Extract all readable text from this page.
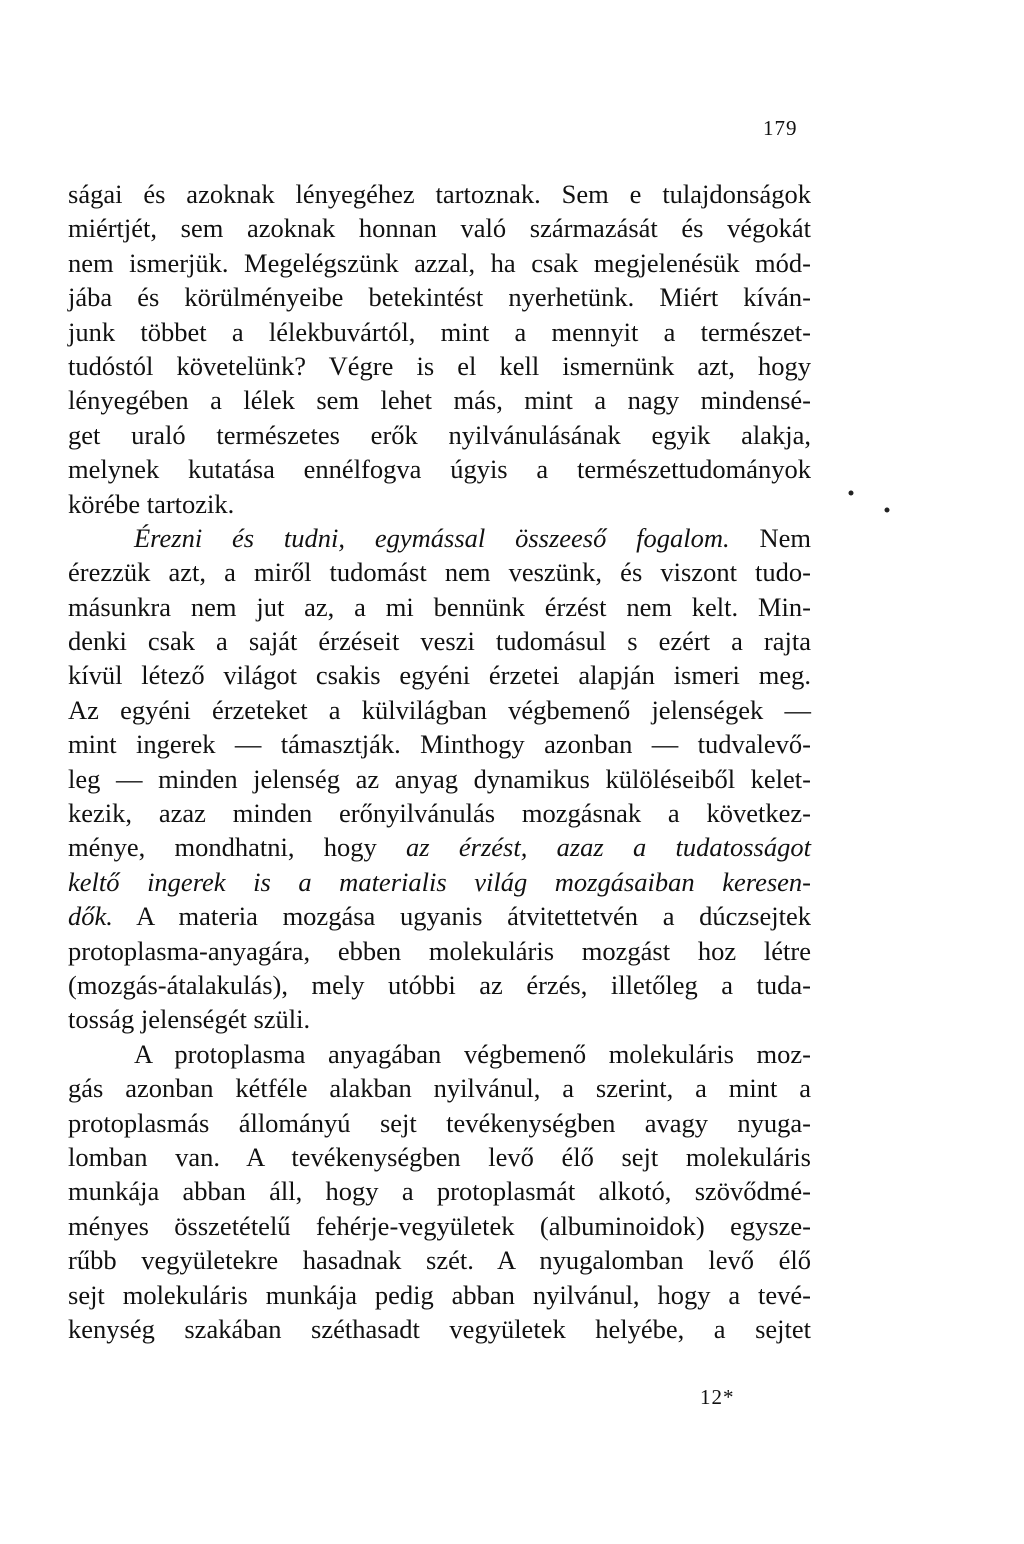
179
ságai és azoknak lényegéhez tartoznak. Sem e tulajdonságok
miértjét, sem azoknak honnan való származását és végokát
nem ismerjük. Megelégszünk azzal, ha csak megjelenésük mód-
jába és körülményeibe betekintést nyerhetünk. Miért kíván-
junk többet a lélekbuvártól, mint a mennyit a természet-
tudóstól követelünk? Végre is el kell ismernünk azt, hogy
lényegében a lélek sem lehet más, mint a nagy mindensé-
get uraló természetes erők nyilvánulásának egyik alakja,
melynek kutatása ennélfogva úgyis a természettudományok
körébe tartozik.
Érezni és tudni, egymással összeeső fogalom. Nem
érezzük azt, a miről tudomást nem veszünk, és viszont tudo-
másunkra nem jut az, a mi bennünk érzést nem kelt. Min-
denki csak a saját érzéseit veszi tudomásul s ezért a rajta
kívül létező világot csakis egyéni érzetei alapján ismeri meg.
Az egyéni érzeteket a külvilágban végbemenő jelenségek —
mint ingerek — támasztják. Minthogy azonban — tudvalevő-
leg — minden jelenség az anyag dynamikus külöléseiből kelet-
kezik, azaz minden erőnyilvánulás mozgásnak a következ-
ménye, mondhatni, hogy az érzést, azaz a tudatosságot
keltő ingerek is a materialis világ mozgásaiban keresen-
dők. A materia mozgása ugyanis átvitettetvén a dúczsejtek
protoplasma-anyagára, ebben molekuláris mozgást hoz létre
(mozgás-átalakulás), mely utóbbi az érzés, illetőleg a tuda-
tosság jelenségét szüli.
A protoplasma anyagában végbemenő molekuláris moz-
gás azonban kétféle alakban nyilvánul, a szerint, a mint a
protoplasmás állományú sejt tevékenységben avagy nyuga-
lomban van. A tevékenységben levő élő sejt molekuláris
munkája abban áll, hogy a protoplasmát alkotó, szövődmé-
ményes összetételű fehérje-vegyületek (albuminoidok) egysze-
rűbb vegyületekre hasadnak szét. A nyugalomban levő élő
sejt molekuláris munkája pedig abban nyilvánul, hogy a tevé-
kenység szakában széthasadt vegyületek helyébe, a sejtet
12*
